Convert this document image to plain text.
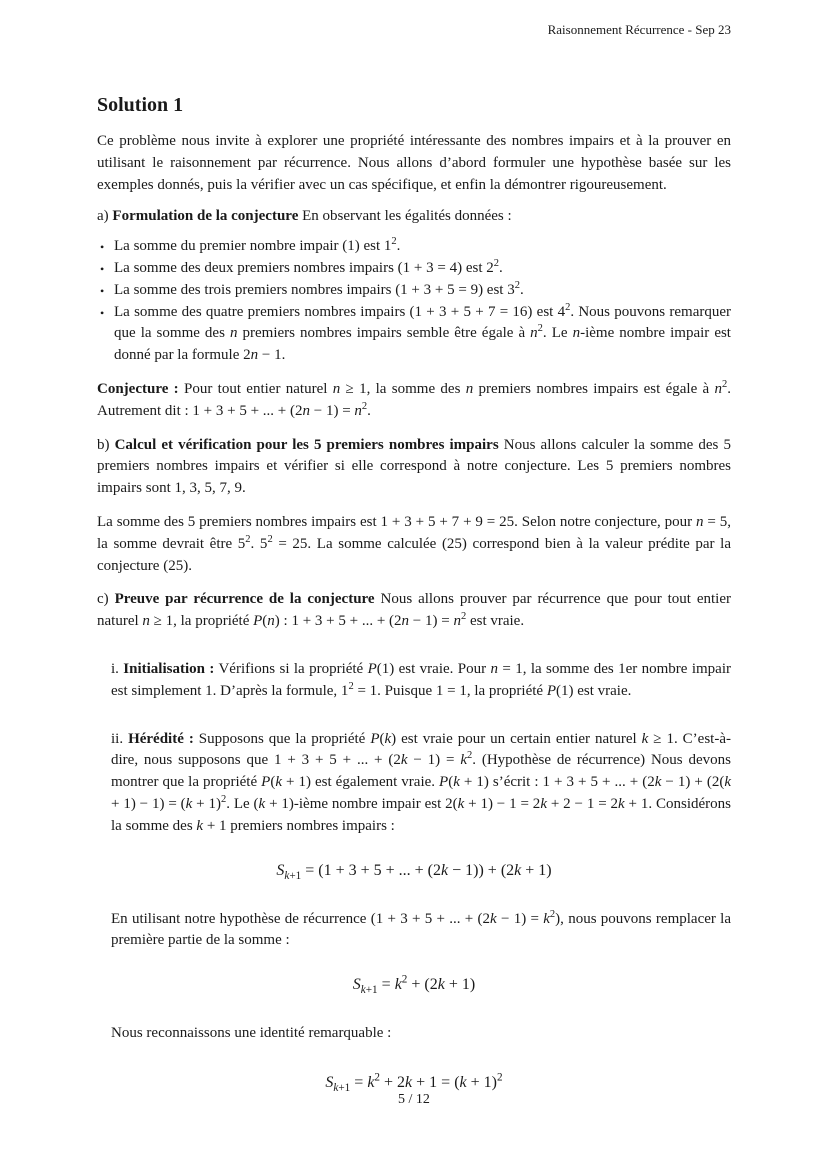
Raisonnement Récurrence - Sep 23
Solution 1

Ce problème nous invite à explorer une propriété intéressante des nombres impairs et à la prouver en utilisant le raisonnement par récurrence. Nous allons d’abord formuler une hypothèse basée sur les exemples donnés, puis la vérifier avec un cas spécifique, et enfin la démontrer rigoureusement.

a) Formulation de la conjecture En observant les égalités données :

• La somme du premier nombre impair (1) est $1^2$.
• La somme des deux premiers nombres impairs (1 + 3 = 4) est $2^2$.
• La somme des trois premiers nombres impairs (1 + 3 + 5 = 9) est $3^2$.
• La somme des quatre premiers nombres impairs (1 + 3 + 5 + 7 = 16) est $4^2$. Nous pouvons remarquer que la somme des n premiers nombres impairs semble être égale à $n^2$. Le n-ième nombre impair est donné par la formule 2n − 1.

Conjecture : Pour tout entier naturel n ≥ 1, la somme des n premiers nombres impairs est égale à $n^2$. Autrement dit : 1 + 3 + 5 + ... + $(2n - 1) = n^2$.

b) Calcul et vérification pour les 5 premiers nombres impairs Nous allons calculer la somme des 5 premiers nombres impairs et vérifier si elle correspond à notre conjecture. Les 5 premiers nombres impairs sont 1, 3, 5, 7, 9.

La somme des 5 premiers nombres impairs est 1 + 3 + 5 + 7 + 9 = 25. Selon notre conjecture, pour n = 5, la somme devrait être $5^2$. $5^2 = 25$. La somme calculée (25) correspond bien à la valeur prédite par la conjecture (25).

c) Preuve par récurrence de la conjecture Nous allons prouver par récurrence que pour tout entier naturel n ≥ 1, la propriété P(n) : 1 + 3 + 5 + ... + $(2n - 1) = n^2$ est vraie.

i. Initialisation : Vérifions si la propriété P(1) est vraie. Pour n = 1, la somme des 1er nombre impair est simplement 1. D’après la formule, $1^2 = 1$. Puisque 1 = 1, la propriété P(1) est vraie.

ii. Hérédité : Supposons que la propriété P(k) est vraie pour un certain entier naturel k ≥ 1. C’est-à-dire, nous supposons que 1 + 3 + 5 + ... + $(2k - 1) = k^2$. (Hypothèse de récurrence) Nous devons montrer que la propriété P(k + 1) est également vraie. P(k + 1) s’écrit : 1 + 3 + 5 + ... + $(2k - 1) + (2(k + 1) - 1) = (k + 1)^2$. Le (k + 1)-ième nombre impair est 2(k + 1) − 1 = 2k + 2 − 1 = 2k + 1. Considérons la somme des k + 1 premiers nombres impairs :

$S_{k+1} = (1 + 3 + 5$ + ... + (2k − 1)) + (2k + 1)

En utilisant notre hypothèse de récurrence (1 + 3 + 5 + ... + $(2k - 1) = k^2$), nous pouvons remplacer la première partie de la somme :

$S_{k+1} = k^2 + (2k + 1)$

Nous reconnaissons une identité remarquable :

$S_{k+1} = k^2 + 2k + 1 = (k + 1)^2$
5 / 12
